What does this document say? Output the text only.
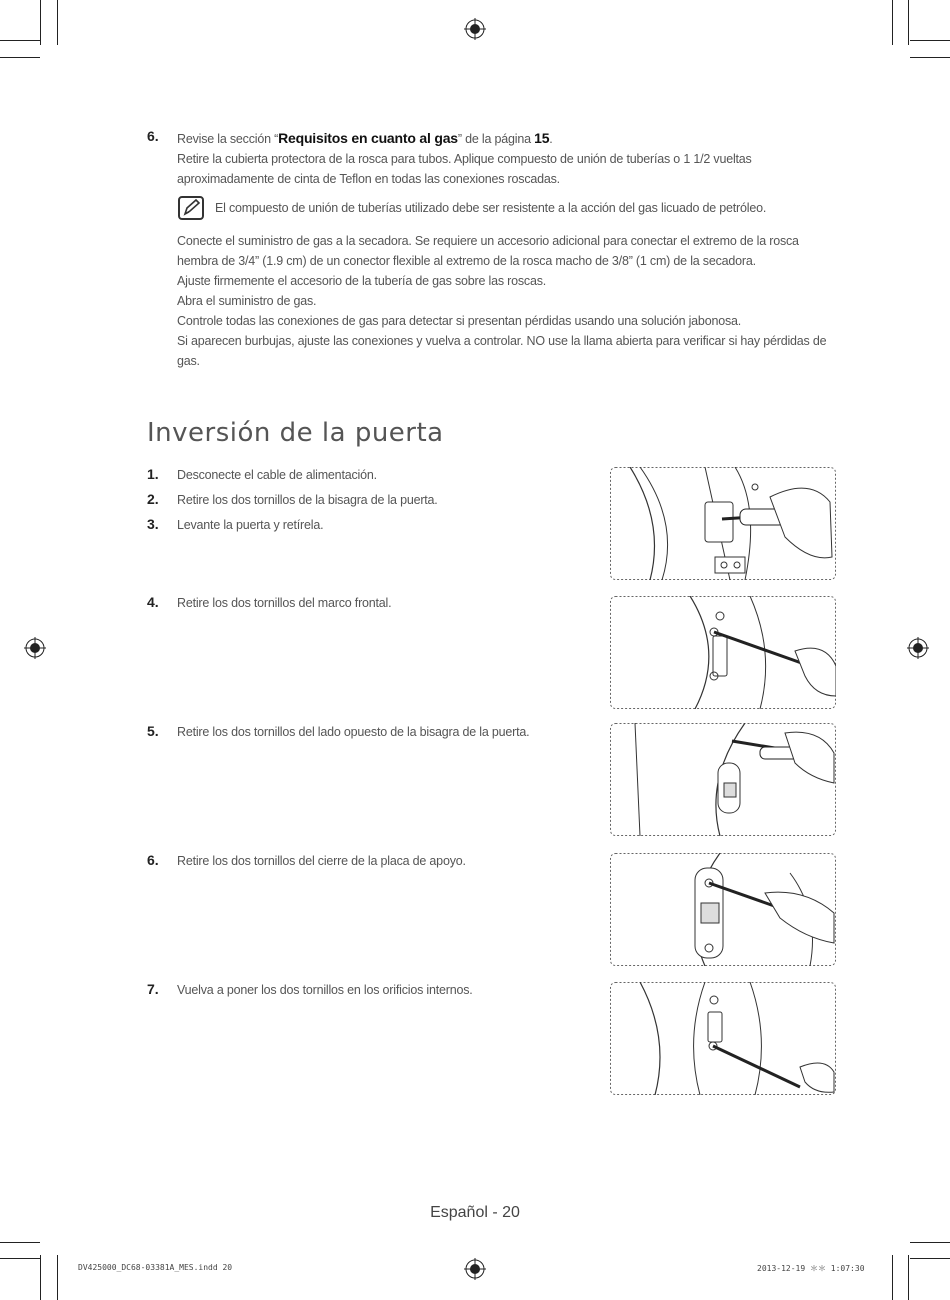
6. Revise la sección “Requisitos en cuanto al gas” de la página 15.

Retire la cubierta protectora de la rosca para tubos. Aplique compuesto de unión de tuberías o 1 1/2 vueltas aproximadamente de cinta de Teflon en todas las conexiones roscadas.

El compuesto de unión de tuberías utilizado debe ser resistente a la acción del gas licuado de petróleo.

Conecte el suministro de gas a la secadora. Se requiere un accesorio adicional para conectar el extremo de la rosca hembra de 3/4” (1.9 cm) de un conector flexible al extremo de la rosca macho de 3/8” (1 cm) de la secadora.

Ajuste firmemente el accesorio de la tubería de gas sobre las roscas.

Abra el suministro de gas.

Controle todas las conexiones de gas para detectar si presentan pérdidas usando una solución jabonosa.

Si aparecen burbujas, ajuste las conexiones y vuelva a controlar. NO use la llama abierta para verificar si hay pérdidas de gas.

Inversión de la puerta
1. Desconecte el cable de alimentación.
2. Retire los dos tornillos de la bisagra de la puerta.
3. Levante la puerta y retírela.
4. Retire los dos tornillos del marco frontal.
5. Retire los dos tornillos del lado opuesto de la bisagra de la puerta.
6. Retire los dos tornillos del cierre de la placa de apoyo.
7. Vuelva a poner los dos tornillos en los orificios internos.
Español - 20
DV425000_DC68-03381A_MES.indd 20	2013-12-19 ＊＊ 1:07:30
